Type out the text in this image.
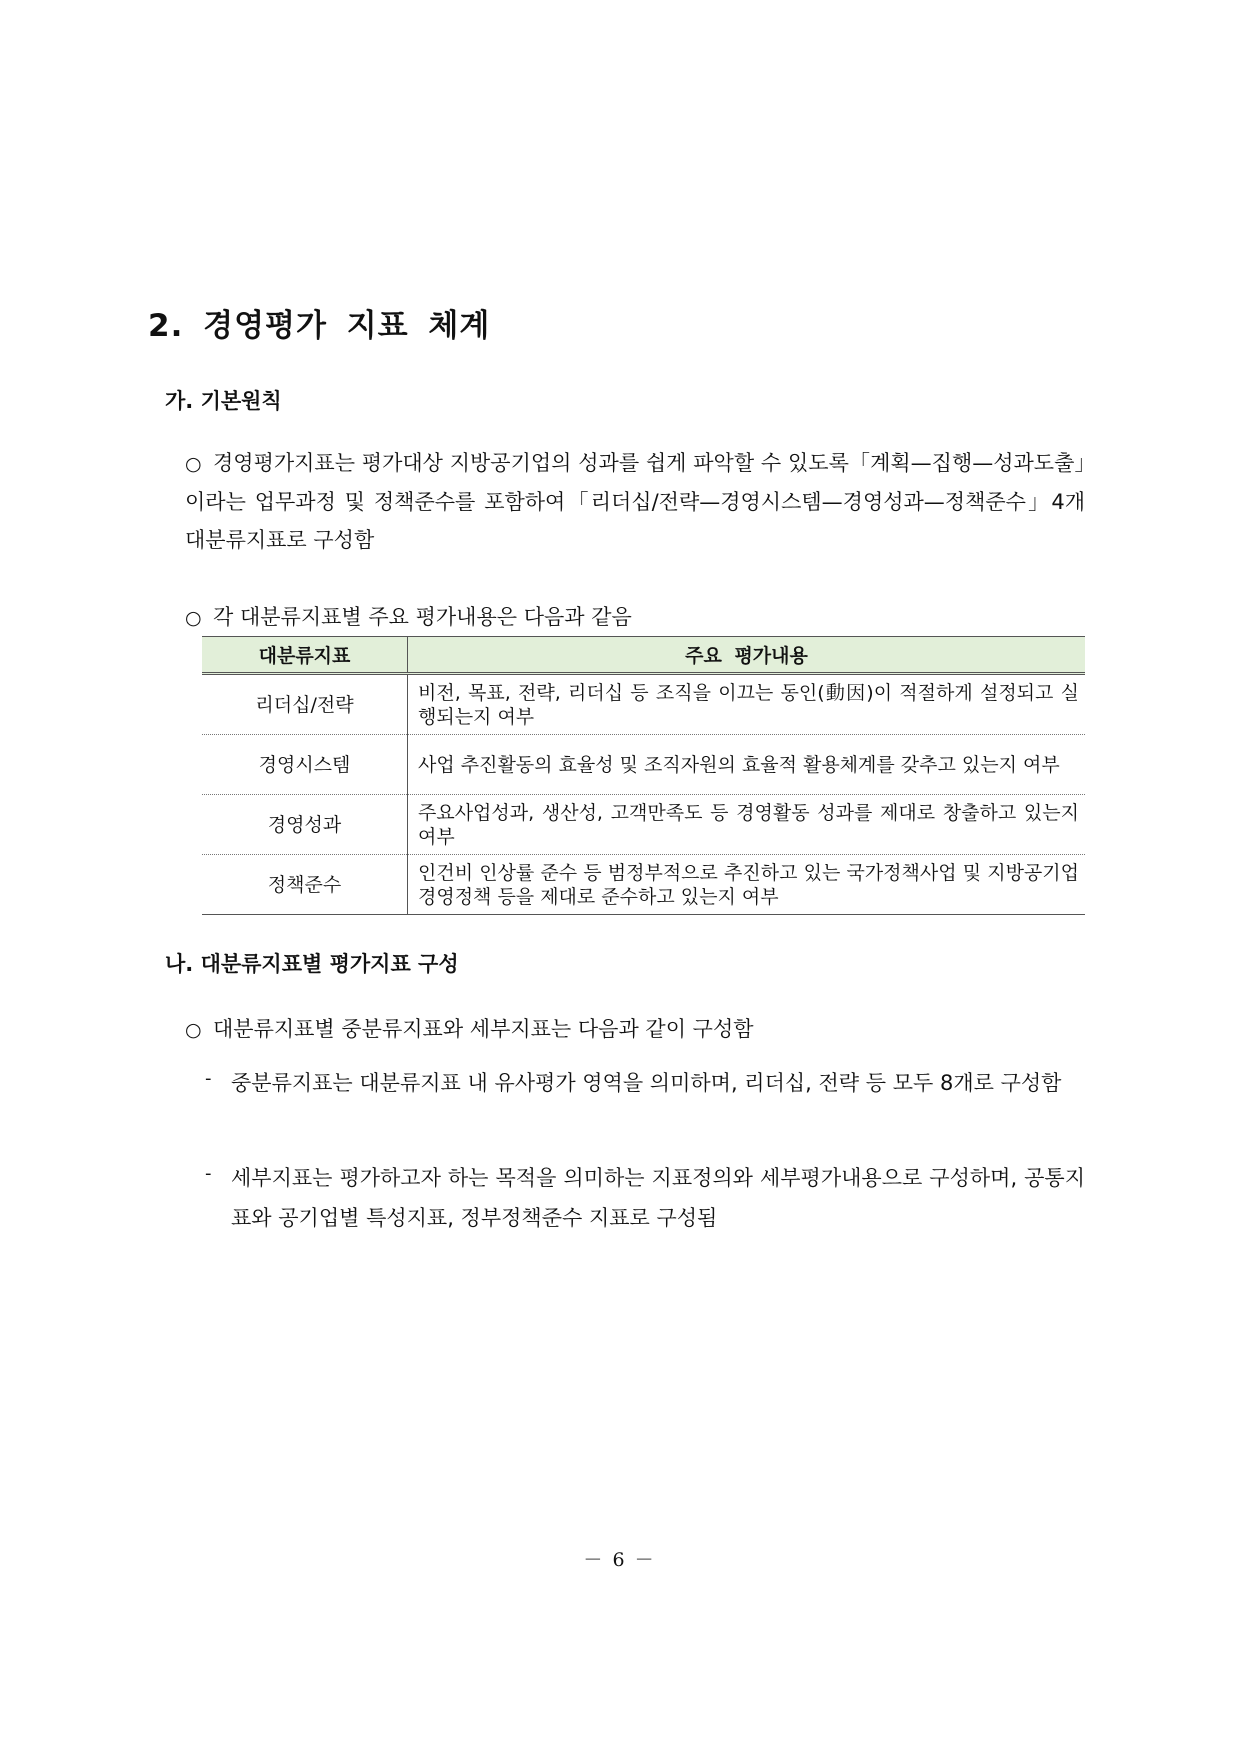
2. 경영평가 지표 체계
가. 기본원칙

○ 경영평가지표는 평가대상 지방공기업의 성과를 쉽게 파악할 수 있도록「계획—집행—성과도출」이라는 업무과정 및 정책준수를 포함하여「리더십/전략—경영시스템—경영성과—정책준수」4개 대분류지표로 구성함

○ 각 대분류지표별 주요 평가내용은 다음과 같음

대분류지표	주요 평가내용
리더십/전략	비전, 목표, 전략, 리더십 등 조직을 이끄는 동인(動因)이 적절하게 설정되고 실행되는지 여부
경영시스템	사업 추진활동의 효율성 및 조직자원의 효율적 활용체계를 갖추고 있는지 여부
경영성과	주요사업성과, 생산성, 고객만족도 등 경영활동 성과를 제대로 창출하고 있는지 여부
정책준수	인건비 인상률 준수 등 범정부적으로 추진하고 있는 국가정책사업 및 지방공기업 경영정책 등을 제대로 준수하고 있는지 여부
나. 대분류지표별 평가지표 구성

○ 대분류지표별 중분류지표와 세부지표는 다음과 같이 구성함

- 중분류지표는 대분류지표 내 유사평가 영역을 의미하며, 리더십, 전략 등 모두 8개로 구성함

- 세부지표는 평가하고자 하는 목적을 의미하는 지표정의와 세부평가내용으로 구성하며, 공통지표와 공기업별 특성지표, 정부정책준수 지표로 구성됨

－ 6 －
